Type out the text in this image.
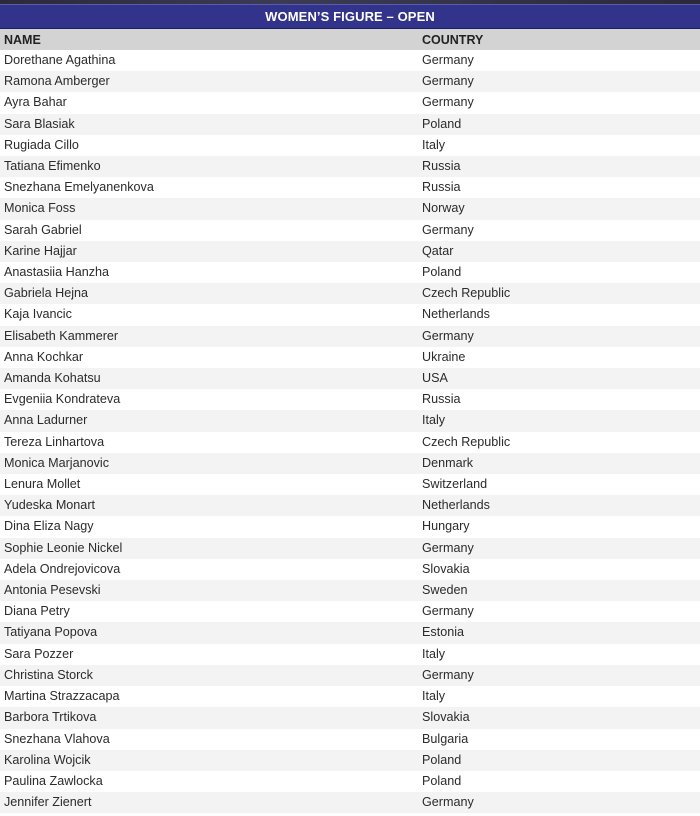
WOMEN’S FIGURE – OPEN
NAME	COUNTRY
Dorethane Agathina	Germany
Ramona Amberger	Germany
Ayra Bahar	Germany
Sara Blasiak	Poland
Rugiada Cillo	Italy
Tatiana Efimenko	Russia
Snezhana Emelyanenkova	Russia
Monica Foss	Norway
Sarah Gabriel	Germany
Karine Hajjar	Qatar
Anastasiia Hanzha	Poland
Gabriela Hejna	Czech Republic
Kaja Ivancic	Netherlands
Elisabeth Kammerer	Germany
Anna Kochkar	Ukraine
Amanda Kohatsu	USA
Evgeniia Kondrateva	Russia
Anna Ladurner	Italy
Tereza Linhartova	Czech Republic
Monica Marjanovic	Denmark
Lenura Mollet	Switzerland
Yudeska Monart	Netherlands
Dina Eliza Nagy	Hungary
Sophie Leonie Nickel	Germany
Adela Ondrejovicova	Slovakia
Antonia Pesevski	Sweden
Diana Petry	Germany
Tatiyana Popova	Estonia
Sara Pozzer	Italy
Christina Storck	Germany
Martina Strazzacapa	Italy
Barbora Trtikova	Slovakia
Snezhana Vlahova	Bulgaria
Karolina Wojcik	Poland
Paulina Zawlocka	Poland
Jennifer Zienert	Germany
